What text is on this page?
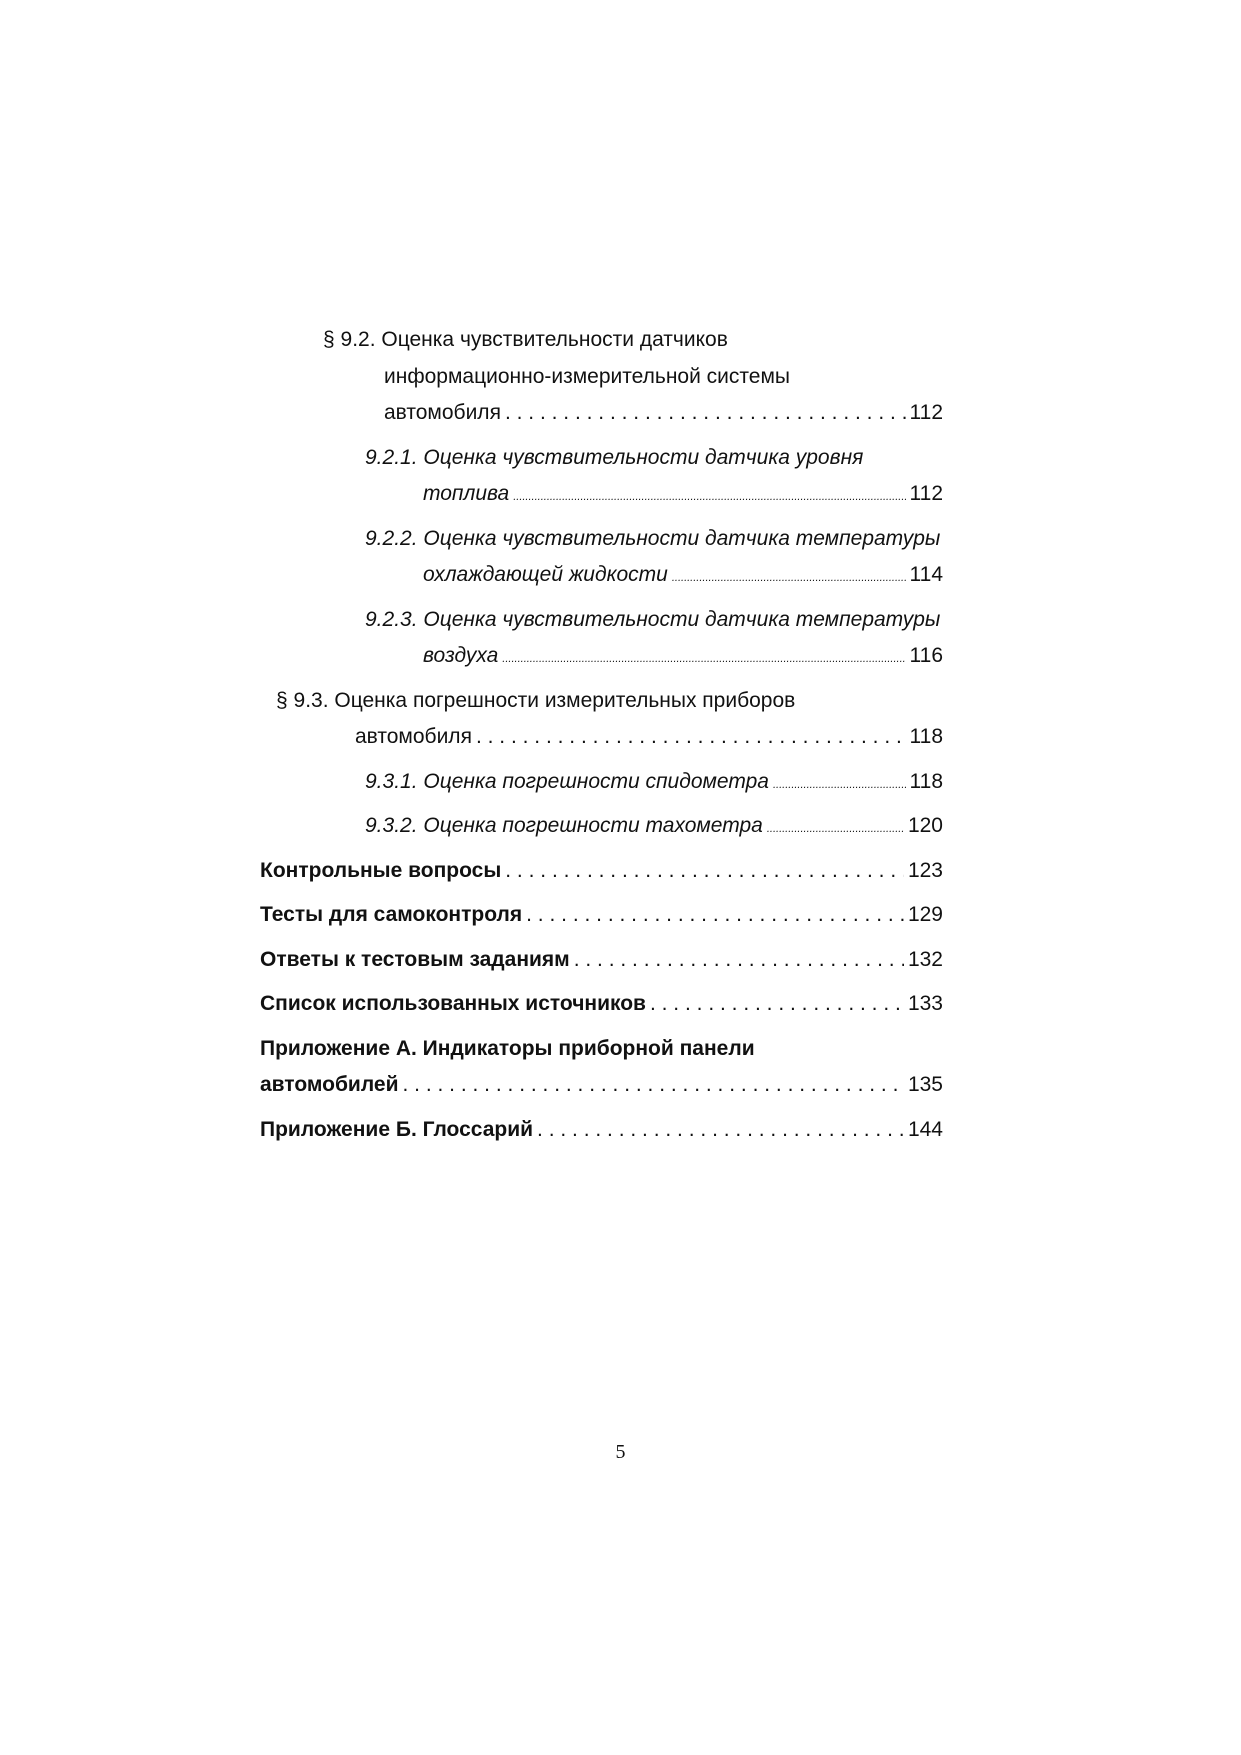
§ 9.2. Оценка чувствительности датчиков
информационно-измерительной системы
автомобиля . . .	112
9.2.1. Оценка чувствительности датчика уровня
топлива .....	112
9.2.2. Оценка чувствительности датчика температуры
охлаждающей жидкости .....	114
9.2.3. Оценка чувствительности датчика температуры
воздуха .....	116
§ 9.3. Оценка погрешности измерительных приборов
автомобиля . . .	118
9.3.1. Оценка погрешности спидометра .....	118
9.3.2. Оценка погрешности тахометра .....	120
Контрольные вопросы . . .	123
Тесты для самоконтроля . . .	129
Ответы к тестовым заданиям . . .	132
Список использованных источников . . .	133
Приложение А. Индикаторы приборной панели
автомобилей . . .	135
Приложение Б. Глоссарий . . .	144
5
